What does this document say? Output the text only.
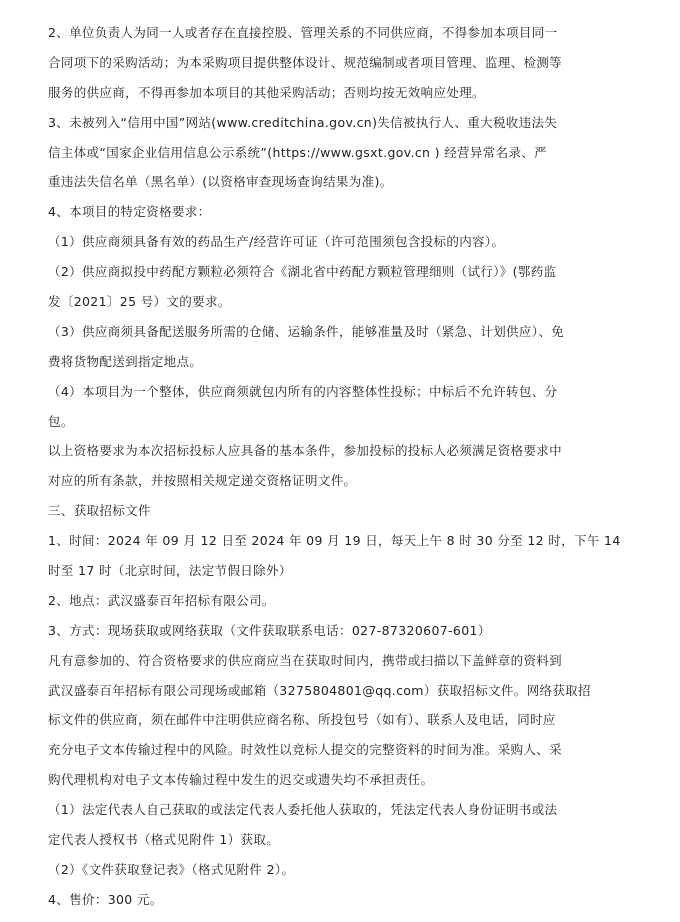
2、单位负责人为同一人或者存在直接控股、管理关系的不同供应商，不得参加本项目同一
合同项下的采购活动；为本采购项目提供整体设计、规范编制或者项目管理、监理、检测等
服务的供应商，不得再参加本项目的其他采购活动；否则均按无效响应处理。
3、未被列入“信用中国”网站(www.creditchina.gov.cn)失信被执行人、重大税收违法失
信主体或“国家企业信用信息公示系统”(https://www.gsxt.gov.cn ) 经营异常名录、严
重违法失信名单（黑名单）(以资格审查现场查询结果为准)。
4、本项目的特定资格要求：
（1）供应商须具备有效的药品生产/经营许可证（许可范围须包含投标的内容）。
（2）供应商拟投中药配方颗粒必须符合《湖北省中药配方颗粒管理细则（试行）》(鄂药监
发〔2021〕25 号）文的要求。
（3）供应商须具备配送服务所需的仓储、运输条件，能够准量及时（紧急、计划供应）、免
费将货物配送到指定地点。
（4）本项目为一个整体，供应商须就包内所有的内容整体性投标；中标后不允许转包、分
包。
以上资格要求为本次招标投标人应具备的基本条件，参加投标的投标人必须满足资格要求中
对应的所有条款，并按照相关规定递交资格证明文件。
三、获取招标文件
1、时间：2024 年 09 月 12 日至 2024 年 09 月 19 日，每天上午 8 时 30 分至 12 时，下午 14
时至 17 时（北京时间，法定节假日除外）
2、地点：武汉盛泰百年招标有限公司。
3、方式：现场获取或网络获取（文件获取联系电话：027-87320607-601）
凡有意参加的、符合资格要求的供应商应当在获取时间内，携带或扫描以下盖鲜章的资料到
武汉盛泰百年招标有限公司现场或邮箱（3275804801@qq.com）获取招标文件。网络获取招
标文件的供应商，须在邮件中注明供应商名称、所投包号（如有）、联系人及电话，同时应
充分电子文本传输过程中的风险。时效性以竞标人提交的完整资料的时间为准。采购人、采
购代理机构对电子文本传输过程中发生的迟交或遗失均不承担责任。
（1）法定代表人自己获取的或法定代表人委托他人获取的，凭法定代表人身份证明书或法
定代表人授权书（格式见附件 1）获取。
（2）《文件获取登记表》（格式见附件 2）。
4、售价：300 元。
